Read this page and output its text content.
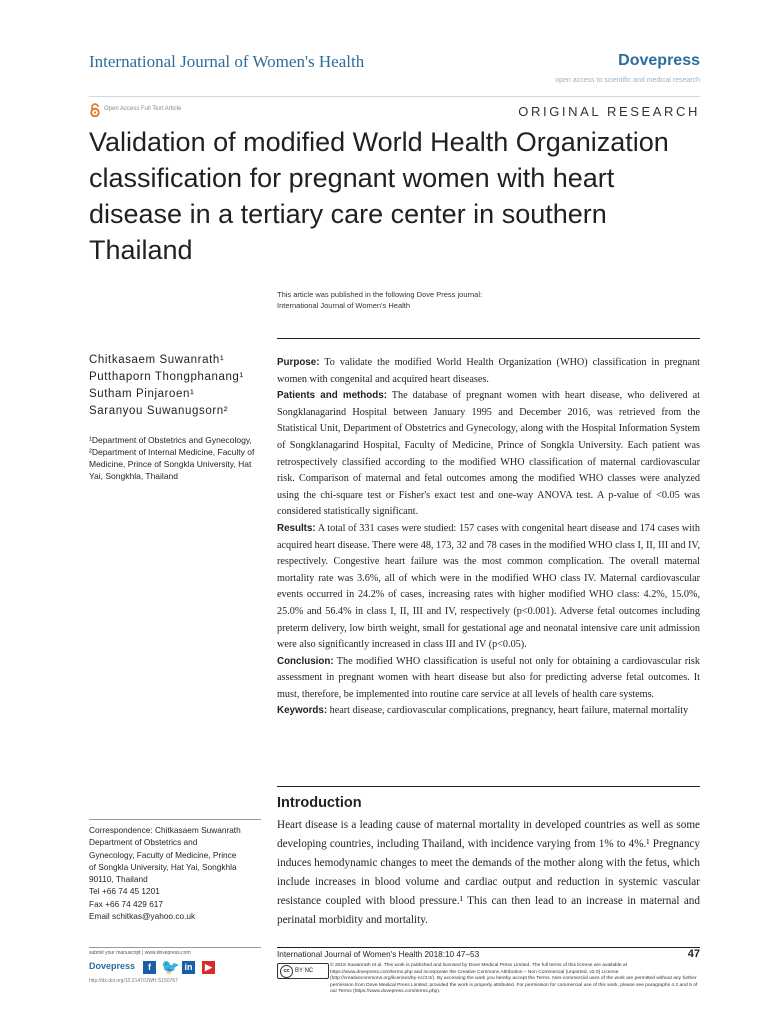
International Journal of Women's Health	Dovepress
open access to scientific and medical research
Open Access Full Text Article	ORIGINAL RESEARCH
Validation of modified World Health Organization classification for pregnant women with heart disease in a tertiary care center in southern Thailand
This article was published in the following Dove Press journal:
International Journal of Women's Health
Chitkasaem Suwanrath¹
Putthaporn Thongphanang¹
Sutham Pinjaroen¹
Saranyou Suwanugsorn²
¹Department of Obstetrics and Gynecology, ²Department of Internal Medicine, Faculty of Medicine, Prince of Songkla University, Hat Yai, Songkhla, Thailand

Purpose: To validate the modified World Health Organization (WHO) classification in pregnant women with congenital and acquired heart diseases.

Patients and methods: The database of pregnant women with heart disease, who delivered at Songklanagarind Hospital between January 1995 and December 2016, was retrieved from the Statistical Unit, Department of Obstetrics and Gynecology, along with the Hospital Information System of Songklanagarind Hospital, Faculty of Medicine, Prince of Songkla University. Each patient was retrospectively classified according to the modified WHO classification of maternal cardiovascular risk. Comparison of maternal and fetal outcomes among the modified WHO classes were analyzed using the chi-square test or Fisher's exact test and one-way ANOVA test. A p-value of <0.05 was considered statistically significant.

Results: A total of 331 cases were studied: 157 cases with congenital heart disease and 174 cases with acquired heart disease. There were 48, 173, 32 and 78 cases in the modified WHO class I, II, III and IV, respectively. Congestive heart failure was the most common complication. The overall maternal mortality rate was 3.6%, all of which were in the modified WHO class IV. Maternal cardiovascular events occurred in 24.2% of cases, increasing rates with higher modified WHO class: 4.2%, 15.0%, 25.0% and 56.4% in class I, II, III and IV, respectively (p<0.001). Adverse fetal outcomes including preterm delivery, low birth weight, small for gestational age and neonatal intensive care unit admission were also significantly increased in class III and IV (p<0.05).

Conclusion: The modified WHO classification is useful not only for obtaining a cardiovascular risk assessment in pregnant women with heart disease but also for predicting adverse fetal outcomes. It must, therefore, be implemented into routine care service at all levels of health care systems.

Keywords: heart disease, cardiovascular complications, pregnancy, heart failure, maternal mortality

Introduction
Heart disease is a leading cause of maternal mortality in developed countries as well as some developing countries, including Thailand, with incidence varying from 1% to 4%.¹ Pregnancy induces hemodynamic changes to meet the demands of the mother along with the fetus, which include increases in blood volume and cardiac output and reduction in systemic vascular resistance coupled with blood pressure.¹ This can then lead to an increase in maternal and perinatal morbidity and mortality.
Correspondence: Chitkasaem Suwanrath
Department of Obstetrics and
Gynecology, Faculty of Medicine, Prince
of Songkla University, Hat Yai, Songkhla
90110, Thailand
Tel +66 74 45 1201
Fax +66 74 429 617
Email schitkas@yahoo.co.uk
submit your manuscript | www.dovepress.com
Dovepress
http://dx.doi.org/10.2147/IJWH.S150767
f 🐦 in	▶
International Journal of Women's Health 2018:10 47–53	47
cc BY NC
© 2018 Suwanrath et al. This work is published and licensed by Dove Medical Press Limited. The full terms of this license are available at https://www.dovepress.com/terms.php and incorporate the Creative Commons Attribution – Non Commercial (unported, v3.0) License (http://creativecommons.org/licenses/by-nc/3.0/). By accessing the work you hereby accept the Terms. Non-commercial uses of the work are permitted without any further permission from Dove Medical Press Limited, provided the work is properly attributed. For permission for commercial use of this work, please see paragraphs 4.2 and 5 of our Terms (https://www.dovepress.com/terms.php).
